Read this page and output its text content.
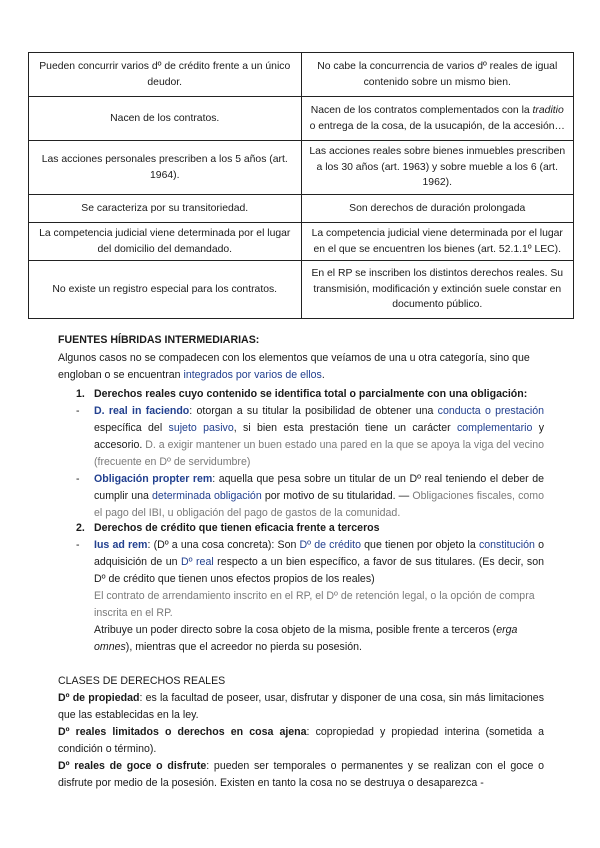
Pueden concurrir varios dº de crédito frente a un único deudor.	No cabe la concurrencia de varios dº reales de igual contenido sobre un mismo bien.
Nacen de los contratos.	Nacen de los contratos complementados con la traditio o entrega de la cosa, de la usucapión, de la accesión…
Las acciones personales prescriben a los 5 años (art. 1964).	Las acciones reales sobre bienes inmuebles prescriben a los 30 años (art. 1963) y sobre mueble a los 6 (art. 1962).
Se caracteriza por su transitoriedad.	Son derechos de duración prolongada
La competencia judicial viene determinada por el lugar del domicilio del demandado.	La competencia judicial viene determinada por el lugar en el que se encuentren los bienes (art. 52.1.1º LEC).
No existe un registro especial para los contratos.	En el RP se inscriben los distintos derechos reales. Su transmisión, modificación y extinción suele constar en documento público.
FUENTES HÍBRIDAS INTERMEDIARIAS:
Algunos casos no se compadecen con los elementos que veíamos de una u otra categoría, sino que engloban o se encuentran integrados por varios de ellos.
1. Derechos reales cuyo contenido se identifica total o parcialmente con una obligación:
- D. real in faciendo: otorgan a su titular la posibilidad de obtener una conducta o prestación específica del sujeto pasivo, si bien esta prestación tiene un carácter complementario y accesorio. D. a exigir mantener un buen estado una pared en la que se apoya la viga del vecino (frecuente en Dº de servidumbre)
- Obligación propter rem: aquella que pesa sobre un titular de un Dº real teniendo el deber de cumplir una determinada obligación por motivo de su titularidad. — Obligaciones fiscales, como el pago del IBI, u obligación del pago de gastos de la comunidad.
2. Derechos de crédito que tienen eficacia frente a terceros
- Ius ad rem: (Dº a una cosa concreta): Son Dº de crédito que tienen por objeto la constitución o adquisición de un Dº real respecto a un bien específico, a favor de sus titulares. (Es decir, son Dº de crédito que tienen unos efectos propios de los reales)
El contrato de arrendamiento inscrito en el RP, el Dº de retención legal, o la opción de compra inscrita en el RP.
Atribuye un poder directo sobre la cosa objeto de la misma, posible frente a terceros (erga omnes), mientras que el acreedor no pierda su posesión.
CLASES DE DERECHOS REALES
Dº de propiedad: es la facultad de poseer, usar, disfrutar y disponer de una cosa, sin más limitaciones que las establecidas en la ley.
Dº reales limitados o derechos en cosa ajena: copropiedad y propiedad interina (sometida a condición o término).
Dº reales de goce o disfrute: pueden ser temporales o permanentes y se realizan con el goce o disfrute por medio de la posesión. Existen en tanto la cosa no se destruya o desaparezca -
